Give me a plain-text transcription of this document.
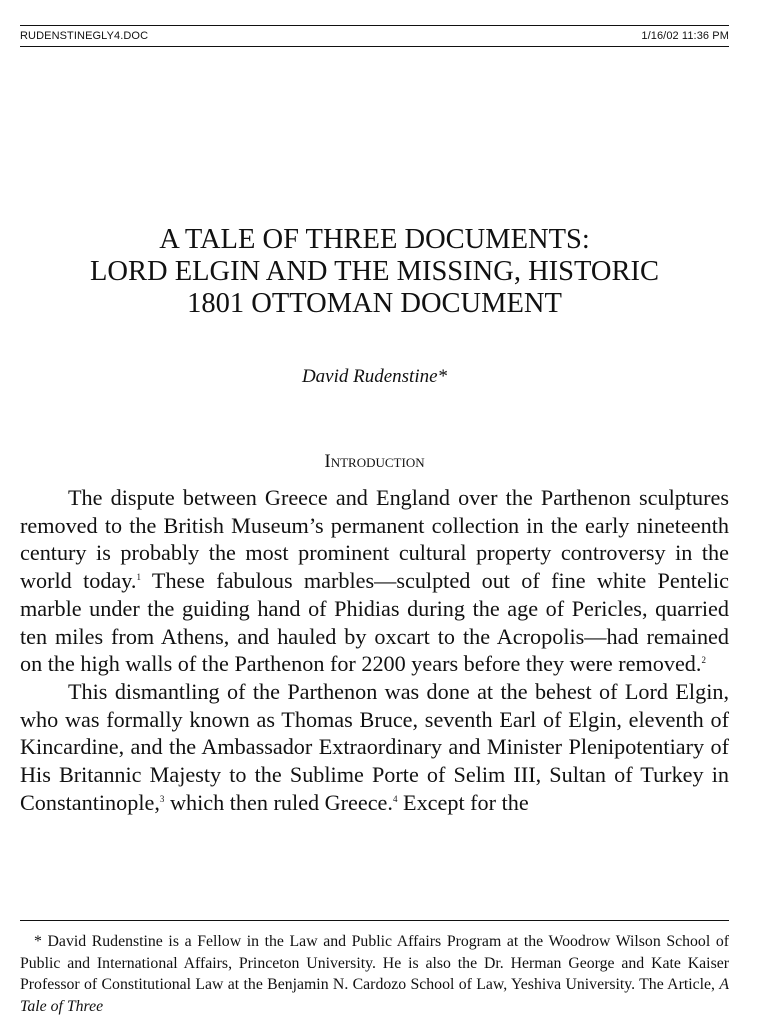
RUDENSTINEGLY4.DOC	1/16/02 11:36 PM
A TALE OF THREE DOCUMENTS:
LORD ELGIN AND THE MISSING, HISTORIC
1801 OTTOMAN DOCUMENT
David Rudenstine*
Introduction

The dispute between Greece and England over the Parthenon sculptures removed to the British Museum’s permanent collection in the early nineteenth century is probably the most prominent cultural property controversy in the world today.$^1$ These fabulous marbles—sculpted out of fine white Pentelic marble under the guiding hand of Phidias during the age of Pericles, quarried ten miles from Athens, and hauled by oxcart to the Acropolis—had remained on the high walls of the Parthenon for 2200 years before they were removed.$^2$

This dismantling of the Parthenon was done at the behest of Lord Elgin, who was formally known as Thomas Bruce, seventh Earl of Elgin, eleventh of Kincardine, and the Ambassador Extraordinary and Minister Plenipotentiary of His Britannic Majesty to the Sublime Porte of Selim III, Sultan of Turkey in Constantinople,$^3$ which then ruled Greece.$^4$ Except for the

* David Rudenstine is a Fellow in the Law and Public Affairs Program at the Woodrow Wilson School of Public and International Affairs, Princeton University. He is also the Dr. Herman George and Kate Kaiser Professor of Constitutional Law at the Benjamin N. Cardozo School of Law, Yeshiva University. The Article, A Tale of Three
